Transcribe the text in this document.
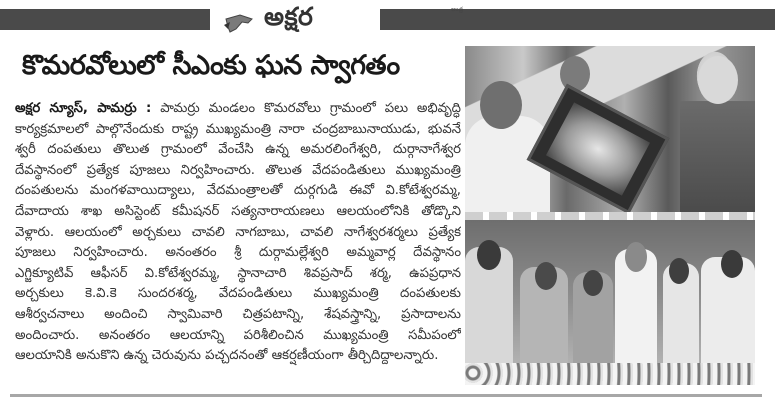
అంధ్ర
అక్షర
కొమరవోలులో సీఎంకు ఘన స్వాగతం
అక్షర న్యూస్, పామర్రు : పామర్రు మండలం కొమరవోలు గ్రామంలో పలు అభివృద్ధి
కార్యక్రమాలలో పాల్గొనేందుకు రాష్ట్ర ముఖ్యమంత్రి నారా చంద్రబాబునాయుడు, భువనే
శ్వరీ దంపతులు తొలుత గ్రామంలో వేంచేసి ఉన్న అమరలింగేశ్వరి, దుర్గానాగేశ్వర
దేవస్థానంలో ప్రత్యేక పూజలు నిర్వహించారు. తొలుత వేదపండితులు ముఖ్యమంత్రి
దంపతులను మంగళవాయిద్యాలు, వేదమంత్రాలతో దుర్గగుడి ఈవో వి.కోటేశ్వరమ్మ,
దేవాదాయ శాఖ అసిస్టెంట్ కమీషనర్ సత్యనారాయణలు ఆలయంలోనికి తోడ్కొని
వెళ్లారు. ఆలయంలో అర్చకులు చావలి నాగబాబు, చావలి నాగేశ్వరశర్మలు ప్రత్యేక
పూజలు నిర్వహించారు. అనంతరం శ్రీ దుర్గామల్లేశ్వరి అమ్మవార్ల దేవస్థానం
ఎగ్జిక్యూటివ్ ఆఫీసర్ వి.కోటేశ్వరమ్మ, స్థానాచారి శివప్రసాద్ శర్మ, ఉపప్రధాన
అర్చకులు కె.వి.కె సుందరశర్మ, వేదపండితులు ముఖ్యమంత్రి దంపతులకు
ఆశీర్వచనాలు అందించి స్వామివారి చిత్రపటాన్ని, శేషవస్త్రాన్ని, ప్రసాదాలను
అందించారు. అనంతరం ఆలయాన్ని పరిశీలించిన ముఖ్యమంత్రి సమీపంలో
ఆలయానికి అనుకొని ఉన్న చెరువును పచ్చదనంతో ఆకర్షణీయంగా తీర్చిదిద్దాలన్నారు.
